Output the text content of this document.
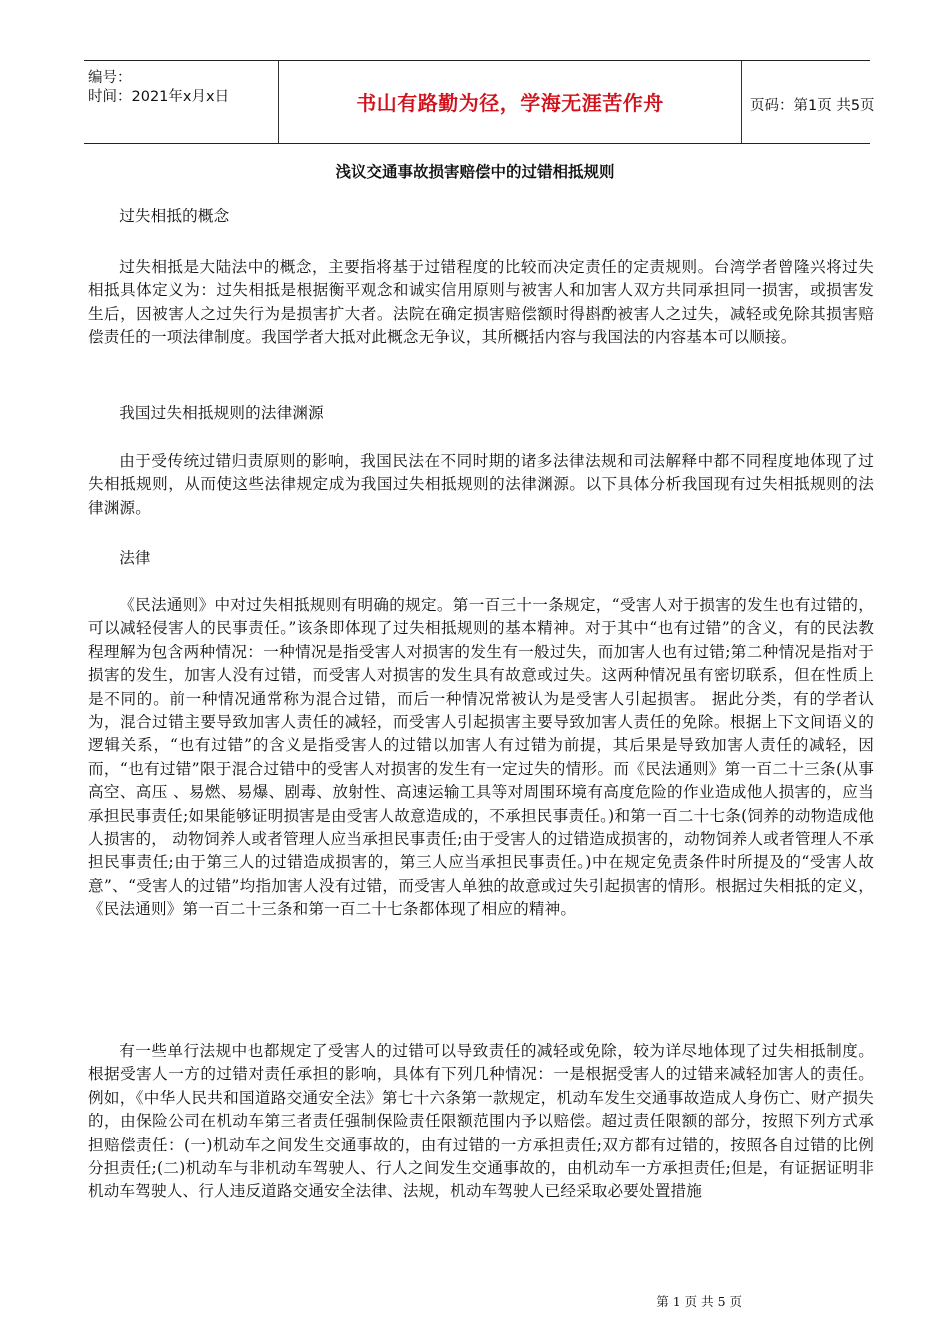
编号：
时间：2021年x月x日	书山有路勤为径，学海无涯苦作舟	页码：第1页 共5页
浅议交通事故损害赔偿中的过错相抵规则

过失相抵的概念

过失相抵是大陆法中的概念，主要指将基于过错程度的比较而决定责任的定责规则。台湾学者曾隆兴将过失相抵具体定义为：过失相抵是根据衡平观念和诚实信用原则与被害人和加害人双方共同承担同一损害，或损害发生后，因被害人之过失行为是损害扩大者。法院在确定损害赔偿额时得斟酌被害人之过失，减轻或免除其损害赔偿责任的一项法律制度。我国学者大抵对此概念无争议，其所概括内容与我国法的内容基本可以顺接。

我国过失相抵规则的法律渊源

由于受传统过错归责原则的影响，我国民法在不同时期的诸多法律法规和司法解释中都不同程度地体现了过失相抵规则，从而使这些法律规定成为我国过失相抵规则的法律渊源。以下具体分析我国现有过失相抵规则的法律渊源。

法律

《民法通则》中对过失相抵规则有明确的规定。第一百三十一条规定，“受害人对于损害的发生也有过错的，可以减轻侵害人的民事责任。”该条即体现了过失相抵规则的基本精神。对于其中“也有过错”的含义，有的民法教程理解为包含两种情况：一种情况是指受害人对损害的发生有一般过失，而加害人也有过错;第二种情况是指对于损害的发生，加害人没有过错，而受害人对损害的发生具有故意或过失。这两种情况虽有密切联系，但在性质上是不同的。前一种情况通常称为混合过错，而后一种情况常被认为是受害人引起损害。 据此分类，有的学者认为，混合过错主要导致加害人责任的减轻，而受害人引起损害主要导致加害人责任的免除。根据上下文间语义的逻辑关系，“也有过错”的含义是指受害人的过错以加害人有过错为前提，其后果是导致加害人责任的减轻，因而，“也有过错”限于混合过错中的受害人对损害的发生有一定过失的情形。而《民法通则》第一百二十三条(从事高空、高压 、易燃、易爆、剧毒、放射性、高速运输工具等对周围环境有高度危险的作业造成他人损害的，应当承担民事责任;如果能够证明损害是由受害人故意造成的，不承担民事责任。)和第一百二十七条(饲养的动物造成他人损害的， 动物饲养人或者管理人应当承担民事责任;由于受害人的过错造成损害的，动物饲养人或者管理人不承担民事责任;由于第三人的过错造成损害的，第三人应当承担民事责任。)中在规定免责条件时所提及的“受害人故意”、“受害人的过错”均指加害人没有过错，而受害人单独的故意或过失引起损害的情形。根据过失相抵的定义，《民法通则》第一百二十三条和第一百二十七条都体现了相应的精神。

有一些单行法规中也都规定了受害人的过错可以导致责任的减轻或免除，较为详尽地体现了过失相抵制度。根据受害人一方的过错对责任承担的影响，具体有下列几种情况：一是根据受害人的过错来减轻加害人的责任。例如，《中华人民共和国道路交通安全法》第七十六条第一款规定，机动车发生交通事故造成人身伤亡、财产损失的，由保险公司在机动车第三者责任强制保险责任限额范围内予以赔偿。超过责任限额的部分，按照下列方式承担赔偿责任：(一)机动车之间发生交通事故的，由有过错的一方承担责任;双方都有过错的，按照各自过错的比例分担责任;(二)机动车与非机动车驾驶人、行人之间发生交通事故的，由机动车一方承担责任;但是，有证据证明非机动车驾驶人、行人违反道路交通安全法律、法规，机动车驾驶人已经采取必要处置措施

第 1 页 共 5 页
